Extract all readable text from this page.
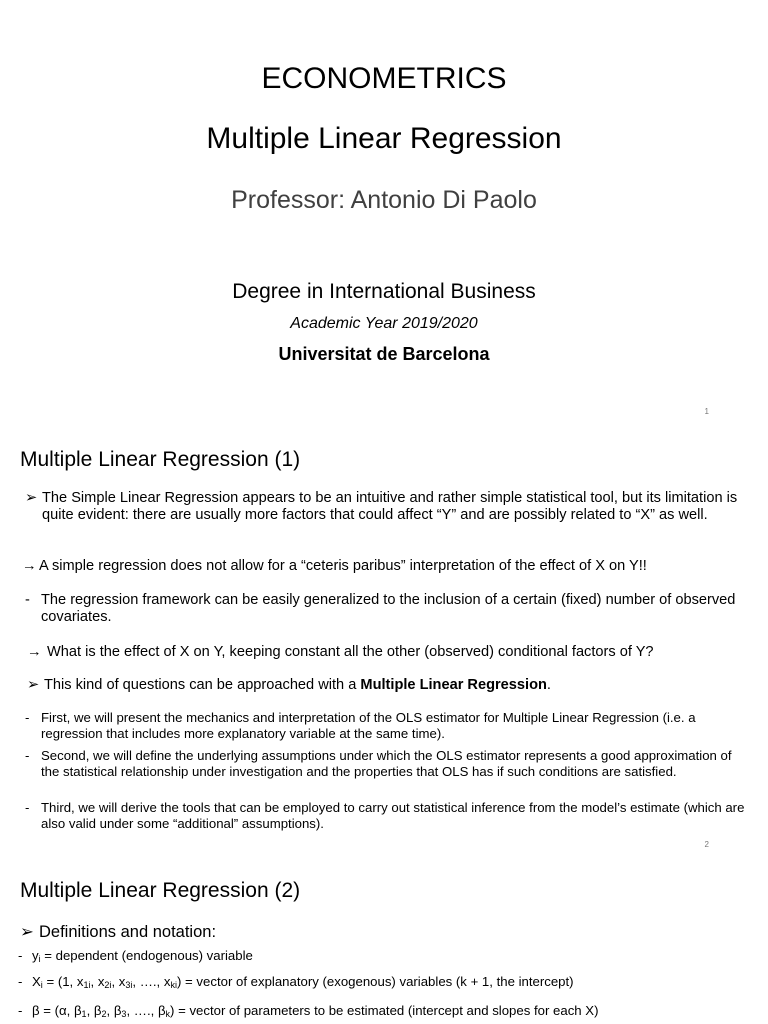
ECONOMETRICS
Multiple Linear Regression
Professor: Antonio Di Paolo
Degree in International Business
Academic Year 2019/2020
Universitat de Barcelona
1
Multiple Linear Regression (1)
➢ The Simple Linear Regression appears to be an intuitive and rather simple statistical tool, but its limitation is quite evident: there are usually more factors that could affect “Y” and are possibly related to “X” as well.
→ A simple regression does not allow for a “ceteris paribus” interpretation of the effect of X on Y!!
- The regression framework can be easily generalized to the inclusion of a certain (fixed) number of observed covariates.
→ What is the effect of X on Y, keeping constant all the other (observed) conditional factors of Y?
➢ This kind of questions can be approached with a Multiple Linear Regression.
- First, we will present the mechanics and interpretation of the OLS estimator for Multiple Linear Regression (i.e. a regression that includes more explanatory variable at the same time).
- Second, we will define the underlying assumptions under which the OLS estimator represents a good approximation of the statistical relationship under investigation and the properties that OLS has if such conditions are satisfied.
- Third, we will derive the tools that can be employed to carry out statistical inference from the model’s estimate (which are also valid under some “additional” assumptions).
2
Multiple Linear Regression (2)
➢ Definitions and notation:
- $y_i$ = dependent (endogenous) variable
- $X_i = (1$, $x_{1i}$, $x_{2i}$, $x_{3i}$, …., $x_{ki}$) = vector of explanatory (exogenous) variables (k + 1, the intercept)
- β = (α, $\beta_1$, $\beta_2$, $\beta_3$, …., $\beta_k$) = vector of parameters to be estimated (intercept and slopes for each X)
